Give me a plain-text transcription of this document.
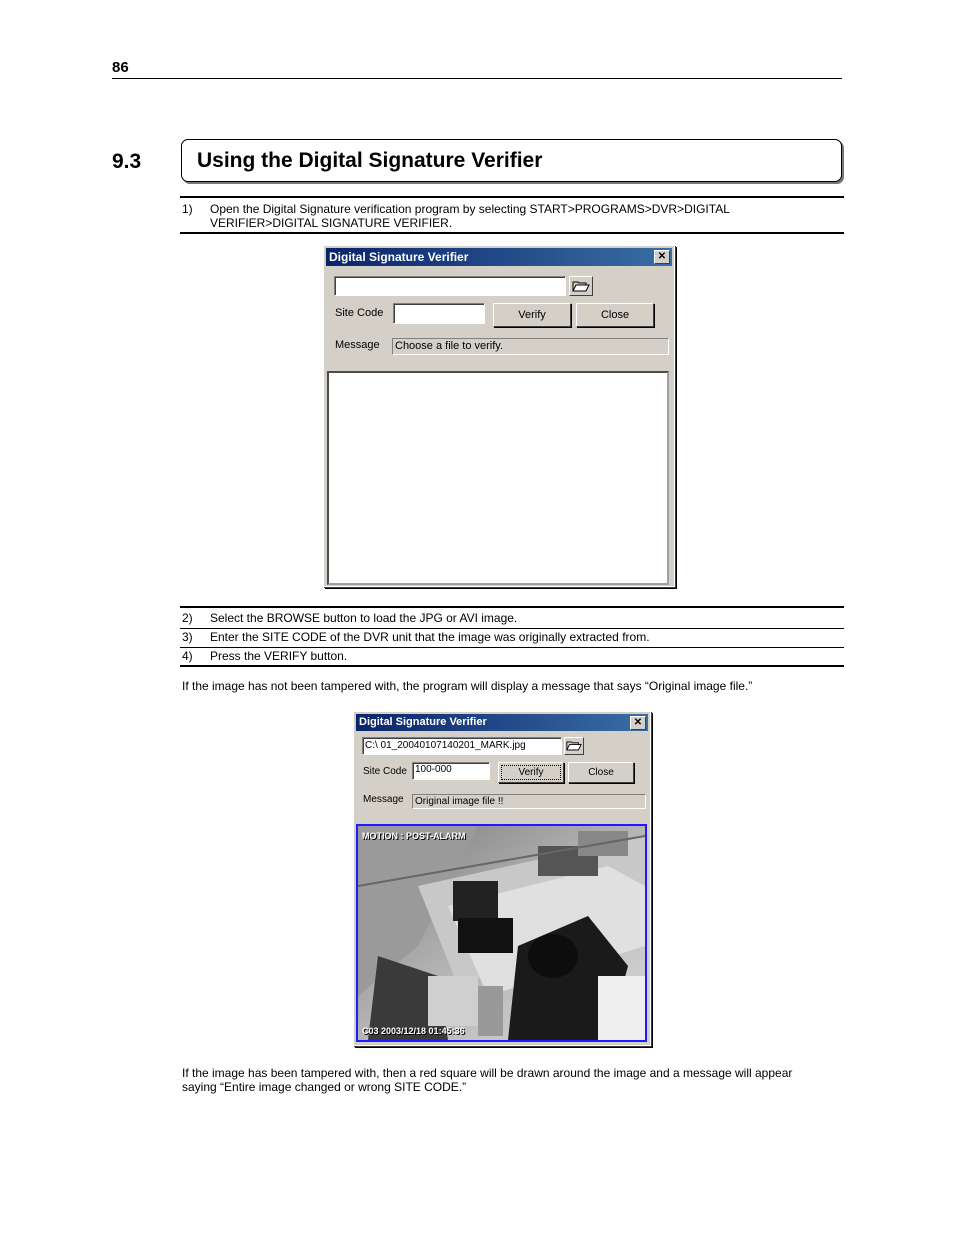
86
9.3	Using the Digital Signature Verifier
1) Open the Digital Signature verification program by selecting START>PROGRAMS>DVR>DIGITAL VERIFIER>DIGITAL SIGNATURE VERIFIER.
Digital Signature Verifier	✕
Site Code	Verify	Close
Message Choose a file to verify.
2) Select the BROWSE button to load the JPG or AVI image.
3) Enter the SITE CODE of the DVR unit that the image was originally extracted from.
4) Press the VERIFY button.
If the image has not been tampered with, the program will display a message that says “Original image file.”
Digital Signature Verifier	✕
C:\ 01_20040107140201_MARK.jpg
Site Code 100-000	Verify	Close
Message	Original image file !!
MOTION : POST-ALARM
C03 2003/12/18 01:45:36
If the image has been tampered with, then a red square will be drawn around the image and a message will appear saying “Entire image changed or wrong SITE CODE.”
